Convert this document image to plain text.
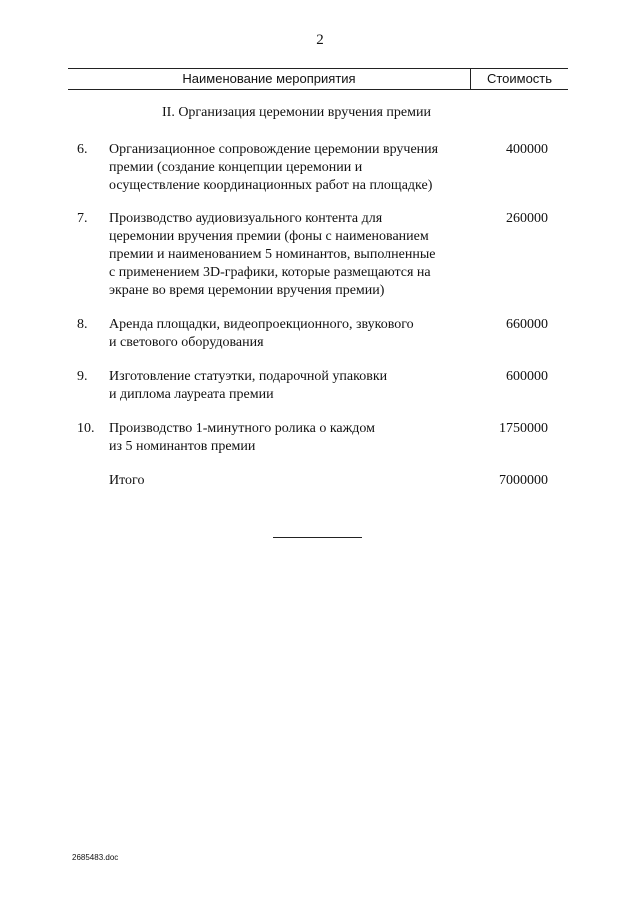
2
Наименование мероприятия	Стоимость
II. Организация церемонии вручения премии
6.	Организационное сопровождение церемонии вручения
премии (создание концепции церемонии и
осуществление координационных работ на площадке)
400000
7.	Производство аудиовизуального контента для
церемонии вручения премии (фоны с наименованием
премии и наименованием 5 номинантов, выполненные
с применением 3D-графики, которые размещаются на
экране во время церемонии вручения премии)
260000
8.	Аренда площадки, видеопроекционного, звукового
и светового оборудования
660000
9.	Изготовление статуэтки, подарочной упаковки
и диплома лауреата премии
600000
10.	Производство 1-минутного ролика о каждом
из 5 номинантов премии
1750000
Итого	7000000
2685483.doc
